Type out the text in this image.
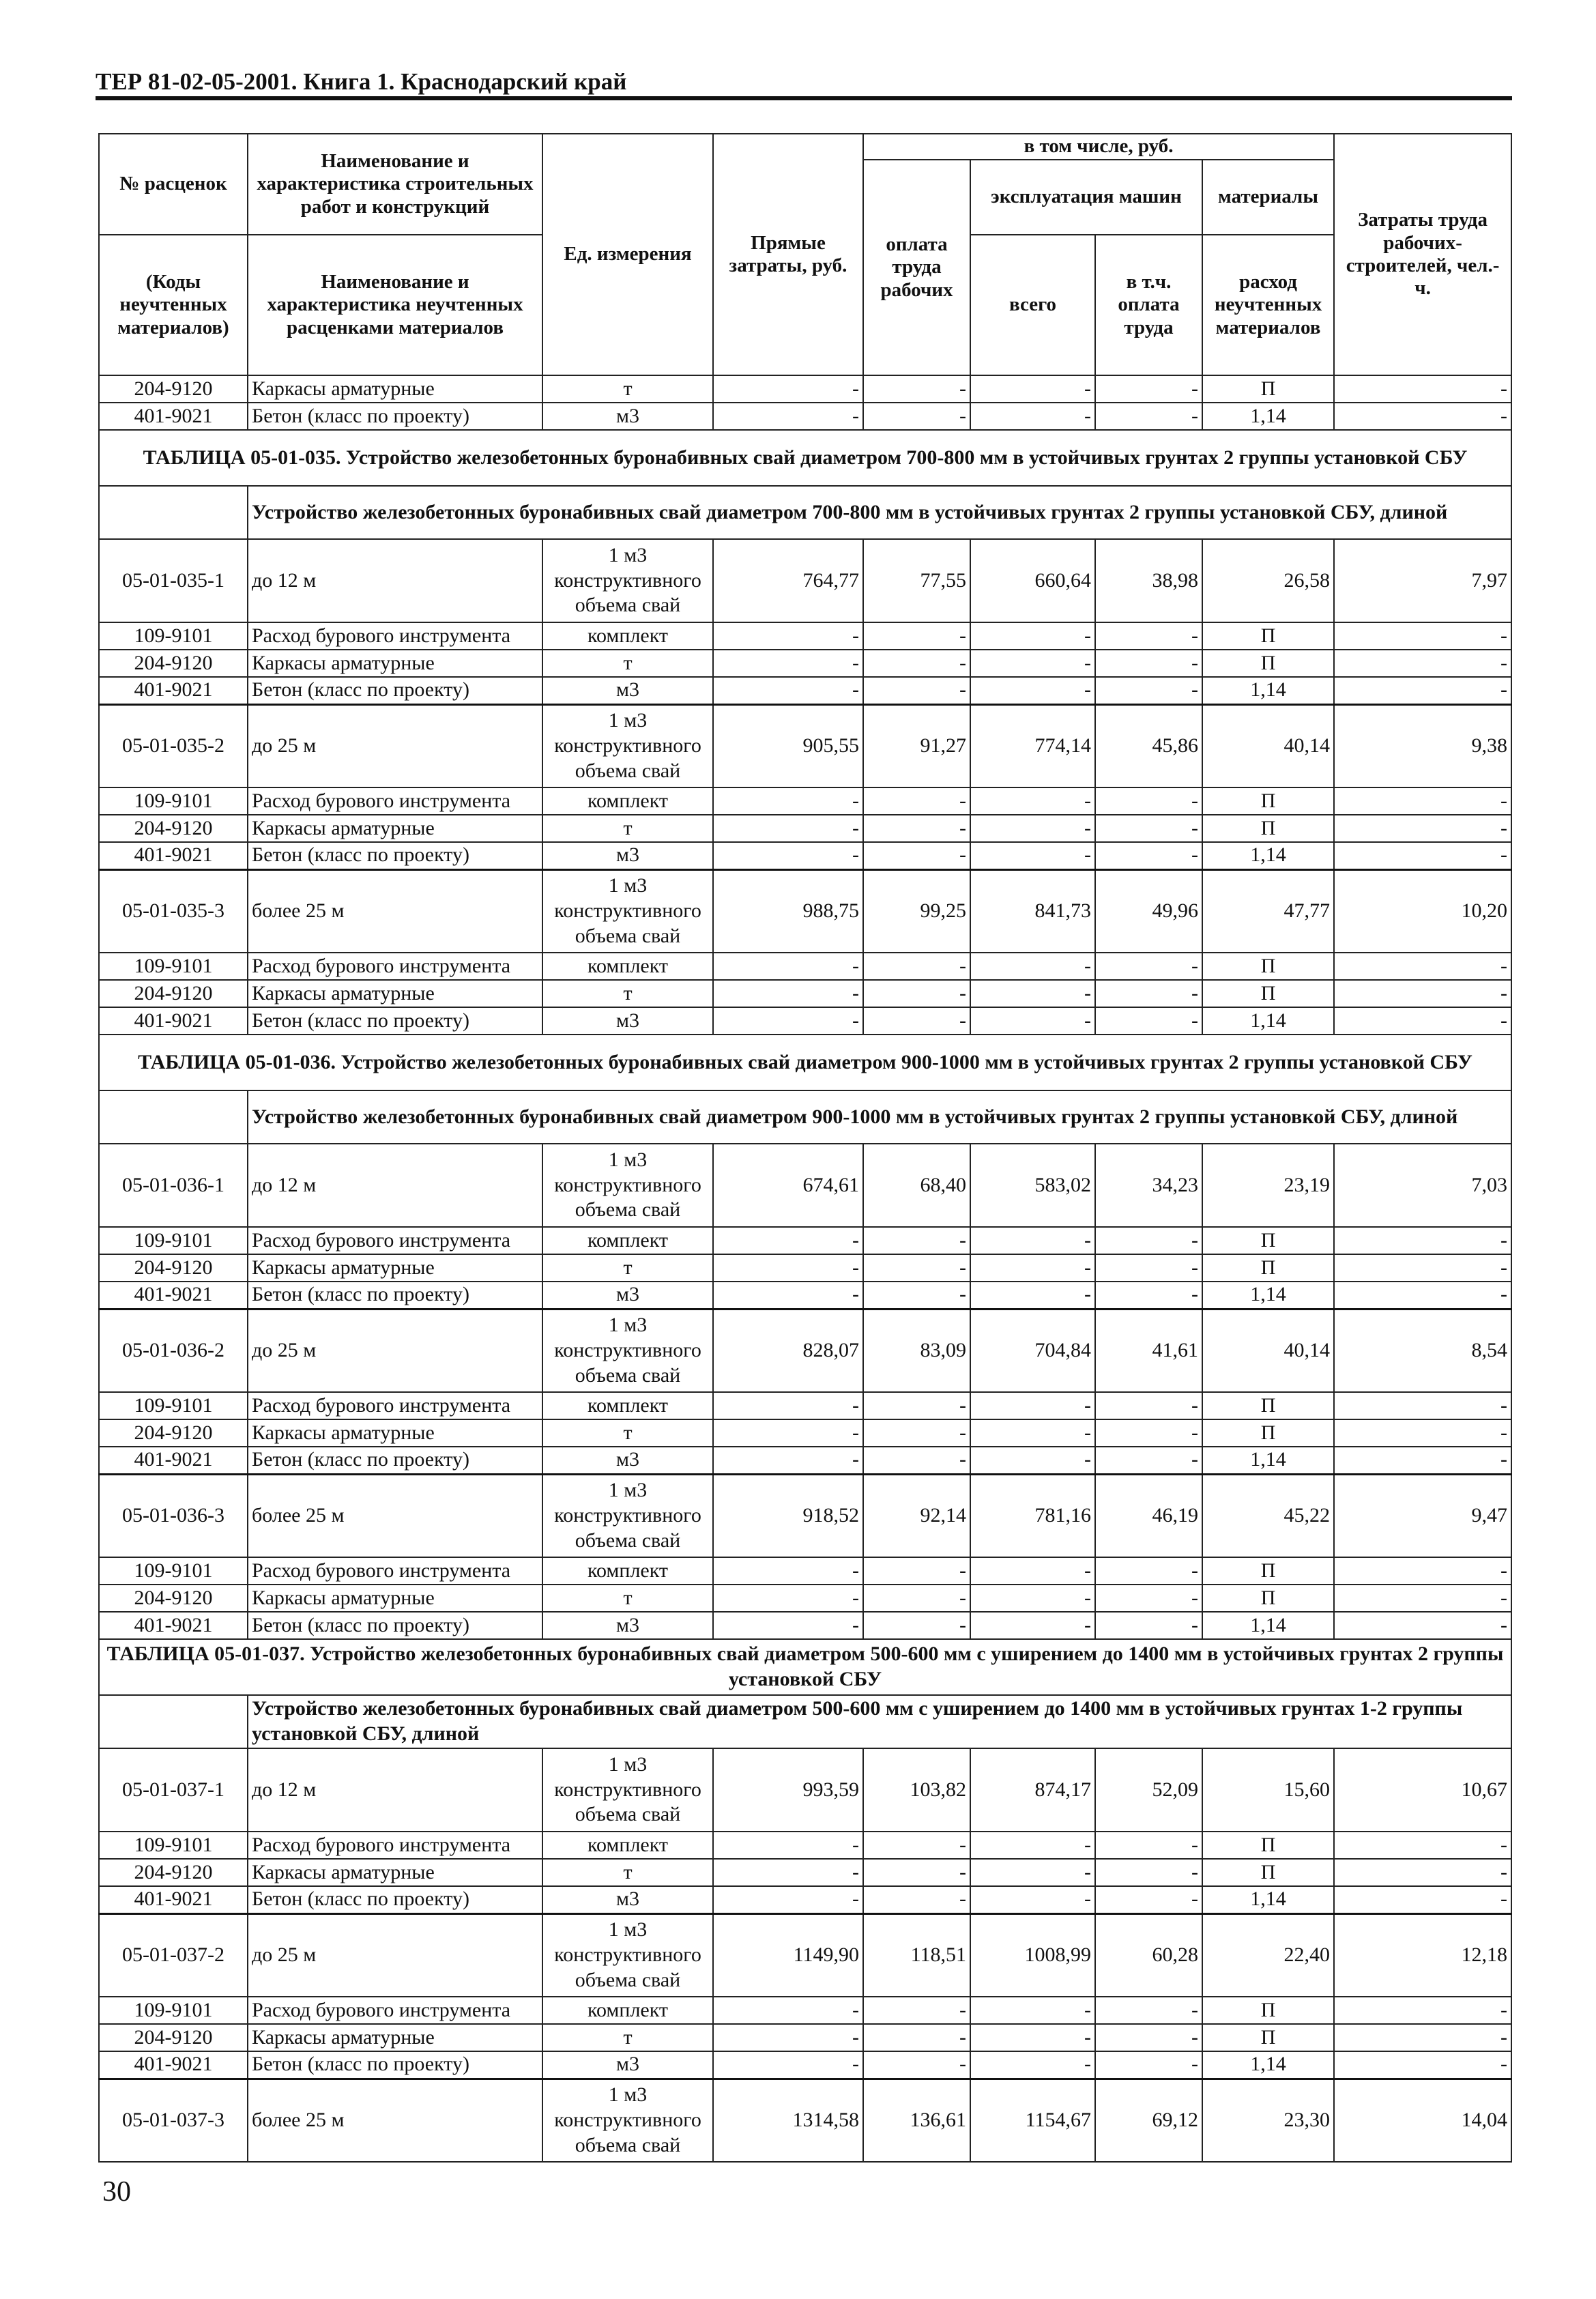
ТЕР 81-02-05-2001. Книга 1. Краснодарский край
№ расценок	Наименование и характеристика строительных работ и конструкций	Ед. измерения	Прямые затраты, руб.	в том числе, руб.				Затраты труда рабочих-строителей, чел.-ч.
				оплата труда рабочих	эксплуатация машин		материалы	
(Коды неучтенных материалов)	Наименование и характеристика неучтенных расценками материалов				всего	в т.ч. оплата труда	расход неучтенных материалов	

204-9120	Каркасы арматурные	т	-	-	-	-	П	-
401-9021	Бетон (класс по проекту)	м3	-	-	-	-	1,14	-
ТАБЛИЦА 05-01-035. Устройство железобетонных буронабивных свай диаметром 700-800 мм в устойчивых грунтах 2 группы установкой СБУ								
	Устройство железобетонных буронабивных свай диаметром 700-800 мм в устойчивых грунтах 2 группы установкой СБУ, длиной							
05-01-035-1	до 12 м	1 м3 конструктивного объема свай	764,77	77,55	660,64	38,98	26,58	7,97
109-9101	Расход бурового инструмента	комплект	-	-	-	-	П	-
204-9120	Каркасы арматурные	т	-	-	-	-	П	-
401-9021	Бетон (класс по проекту)	м3	-	-	-	-	1,14	-
05-01-035-2	до 25 м	1 м3 конструктивного объема свай	905,55	91,27	774,14	45,86	40,14	9,38
109-9101	Расход бурового инструмента	комплект	-	-	-	-	П	-
204-9120	Каркасы арматурные	т	-	-	-	-	П	-
401-9021	Бетон (класс по проекту)	м3	-	-	-	-	1,14	-
05-01-035-3	более 25 м	1 м3 конструктивного объема свай	988,75	99,25	841,73	49,96	47,77	10,20
109-9101	Расход бурового инструмента	комплект	-	-	-	-	П	-
204-9120	Каркасы арматурные	т	-	-	-	-	П	-
401-9021	Бетон (класс по проекту)	м3	-	-	-	-	1,14	-
ТАБЛИЦА 05-01-036. Устройство железобетонных буронабивных свай диаметром 900-1000 мм в устойчивых грунтах 2 группы установкой СБУ								
	Устройство железобетонных буронабивных свай диаметром 900-1000 мм в устойчивых грунтах 2 группы установкой СБУ, длиной							
05-01-036-1	до 12 м	1 м3 конструктивного объема свай	674,61	68,40	583,02	34,23	23,19	7,03
109-9101	Расход бурового инструмента	комплект	-	-	-	-	П	-
204-9120	Каркасы арматурные	т	-	-	-	-	П	-
401-9021	Бетон (класс по проекту)	м3	-	-	-	-	1,14	-
05-01-036-2	до 25 м	1 м3 конструктивного объема свай	828,07	83,09	704,84	41,61	40,14	8,54
109-9101	Расход бурового инструмента	комплект	-	-	-	-	П	-
204-9120	Каркасы арматурные	т	-	-	-	-	П	-
401-9021	Бетон (класс по проекту)	м3	-	-	-	-	1,14	-
05-01-036-3	более 25 м	1 м3 конструктивного объема свай	918,52	92,14	781,16	46,19	45,22	9,47
109-9101	Расход бурового инструмента	комплект	-	-	-	-	П	-
204-9120	Каркасы арматурные	т	-	-	-	-	П	-
401-9021	Бетон (класс по проекту)	м3	-	-	-	-	1,14	-
ТАБЛИЦА 05-01-037. Устройство железобетонных буронабивных свай диаметром 500-600 мм с уширением до 1400 мм в устойчивых грунтах 2 группы установкой СБУ								
	Устройство железобетонных буронабивных свай диаметром 500-600 мм с уширением до 1400 мм в устойчивых грунтах 1-2 группы установкой СБУ, длиной							
05-01-037-1	до 12 м	1 м3 конструктивного объема свай	993,59	103,82	874,17	52,09	15,60	10,67
109-9101	Расход бурового инструмента	комплект	-	-	-	-	П	-
204-9120	Каркасы арматурные	т	-	-	-	-	П	-
401-9021	Бетон (класс по проекту)	м3	-	-	-	-	1,14	-
05-01-037-2	до 25 м	1 м3 конструктивного объема свай	1149,90	118,51	1008,99	60,28	22,40	12,18
109-9101	Расход бурового инструмента	комплект	-	-	-	-	П	-
204-9120	Каркасы арматурные	т	-	-	-	-	П	-
401-9021	Бетон (класс по проекту)	м3	-	-	-	-	1,14	-
05-01-037-3	более 25 м	1 м3 конструктивного объема свай	1314,58	136,61	1154,67	69,12	23,30	14,04
30
